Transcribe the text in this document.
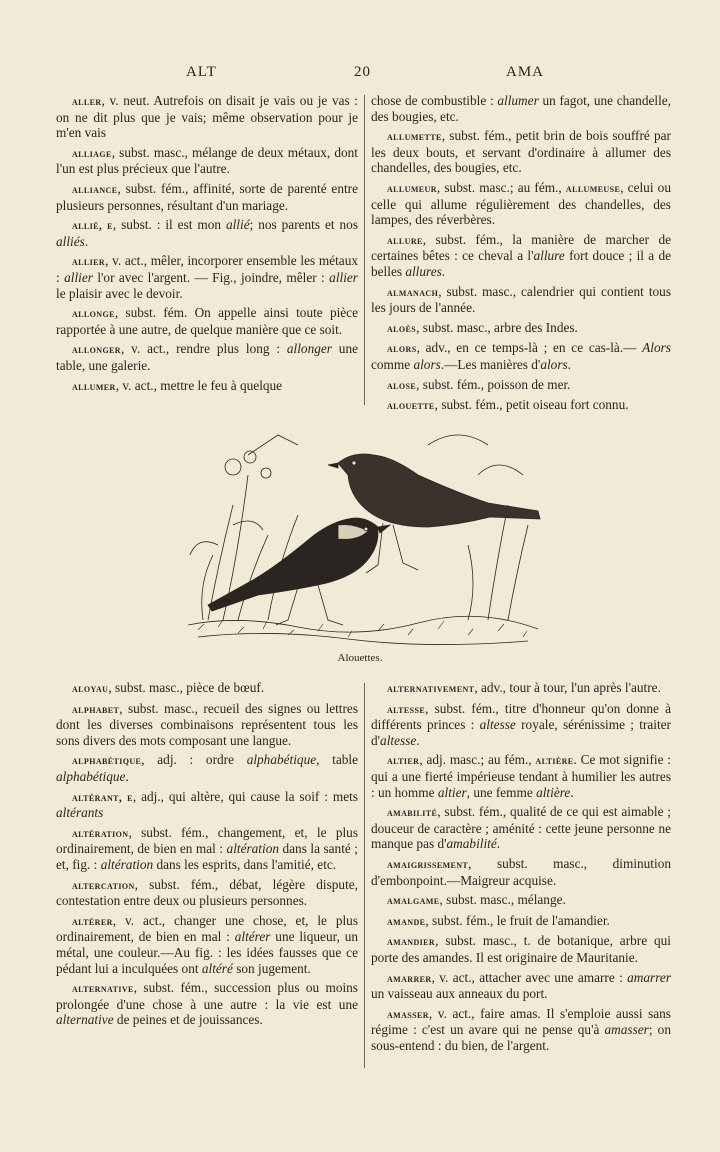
ALT	20	AMA

aller, v. neut. Autrefois on disait je vais ou je vas : on ne dit plus que je vais; même observation pour je m'en vais

alliage, subst. masc., mélange de deux métaux, dont l'un est plus précieux que l'autre.

alliance, subst. fém., affinité, sorte de parenté entre plusieurs personnes, résultant d'un mariage.

allié, e, subst. : il est mon allié; nos parents et nos alliés.

allier, v. act., mêler, incorporer ensemble les métaux : allier l'or avec l'argent. — Fig., joindre, mêler : allier le plaisir avec le devoir.

allonge, subst. fém. On appelle ainsi toute pièce rapportée à une autre, de quelque manière que ce soit.

allonger, v. act., rendre plus long : allonger une table, une galerie.

allumer, v. act., mettre le feu à quelque

chose de combustible : allumer un fagot, une chandelle, des bougies, etc.

allumette, subst. fém., petit brin de bois souffré par les deux bouts, et servant d'ordinaire à allumer des chandelles, des bougies, etc.

allumeur, subst. masc.; au fém., allumeuse, celui ou celle qui allume régulièrement des chandelles, des lampes, des réverbères.

allure, subst. fém., la manière de marcher de certaines bêtes : ce cheval a l'allure fort douce ; il a de belles allures.

almanach, subst. masc., calendrier qui contient tous les jours de l'année.

aloès, subst. masc., arbre des Indes.

alors, adv., en ce temps-là ; en ce cas-là.— Alors comme alors.—Les manières d'alors.

alose, subst. fém., poisson de mer.

alouette, subst. fém., petit oiseau fort connu.

Alouettes.

aloyau, subst. masc., pièce de bœuf.

alphabet, subst. masc., recueil des signes ou lettres dont les diverses combinaisons représentent tous les sons divers des mots composant une langue.

alphabétique, adj. : ordre alphabétique, table alphabétique.

altérant, e, adj., qui altère, qui cause la soif : mets altérants

altération, subst. fém., changement, et, le plus ordinairement, de bien en mal : altération dans la santé ; et, fig. : altération dans les esprits, dans l'amitié, etc.

altercation, subst. fém., débat, légère dispute, contestation entre deux ou plusieurs personnes.

altérer, v. act., changer une chose, et, le plus ordinairement, de bien en mal : altérer une liqueur, un métal, une couleur.—Au fig. : les idées fausses que ce pédant lui a inculquées ont altéré son jugement.

alternative, subst. fém., succession plus ou moins prolongée d'une chose à une autre : la vie est une alternative de peines et de jouissances.

alternativement, adv., tour à tour, l'un après l'autre.

altesse, subst. fém., titre d'honneur qu'on donne à différents princes : altesse royale, sérénissime ; traiter d'altesse.

altier, adj. masc.; au fém., altière. Ce mot signifie : qui a une fierté impérieuse tendant à humilier les autres : un homme altier, une femme altière.

amabilité, subst. fém., qualité de ce qui est aimable ; douceur de caractère ; aménité : cette jeune personne ne manque pas d'amabilité.

amaigrissement, subst. masc., diminution d'embonpoint.—Maigreur acquise.

amalgame, subst. masc., mélange.

amande, subst. fém., le fruit de l'amandier.

amandier, subst. masc., t. de botanique, arbre qui porte des amandes. Il est originaire de Mauritanie.

amarrer, v. act., attacher avec une amarre : amarrer un vaisseau aux anneaux du port.

amasser, v. act., faire amas. Il s'emploie aussi sans régime : c'est un avare qui ne pense qu'à amasser; on sous-entend : du bien, de l'argent.
